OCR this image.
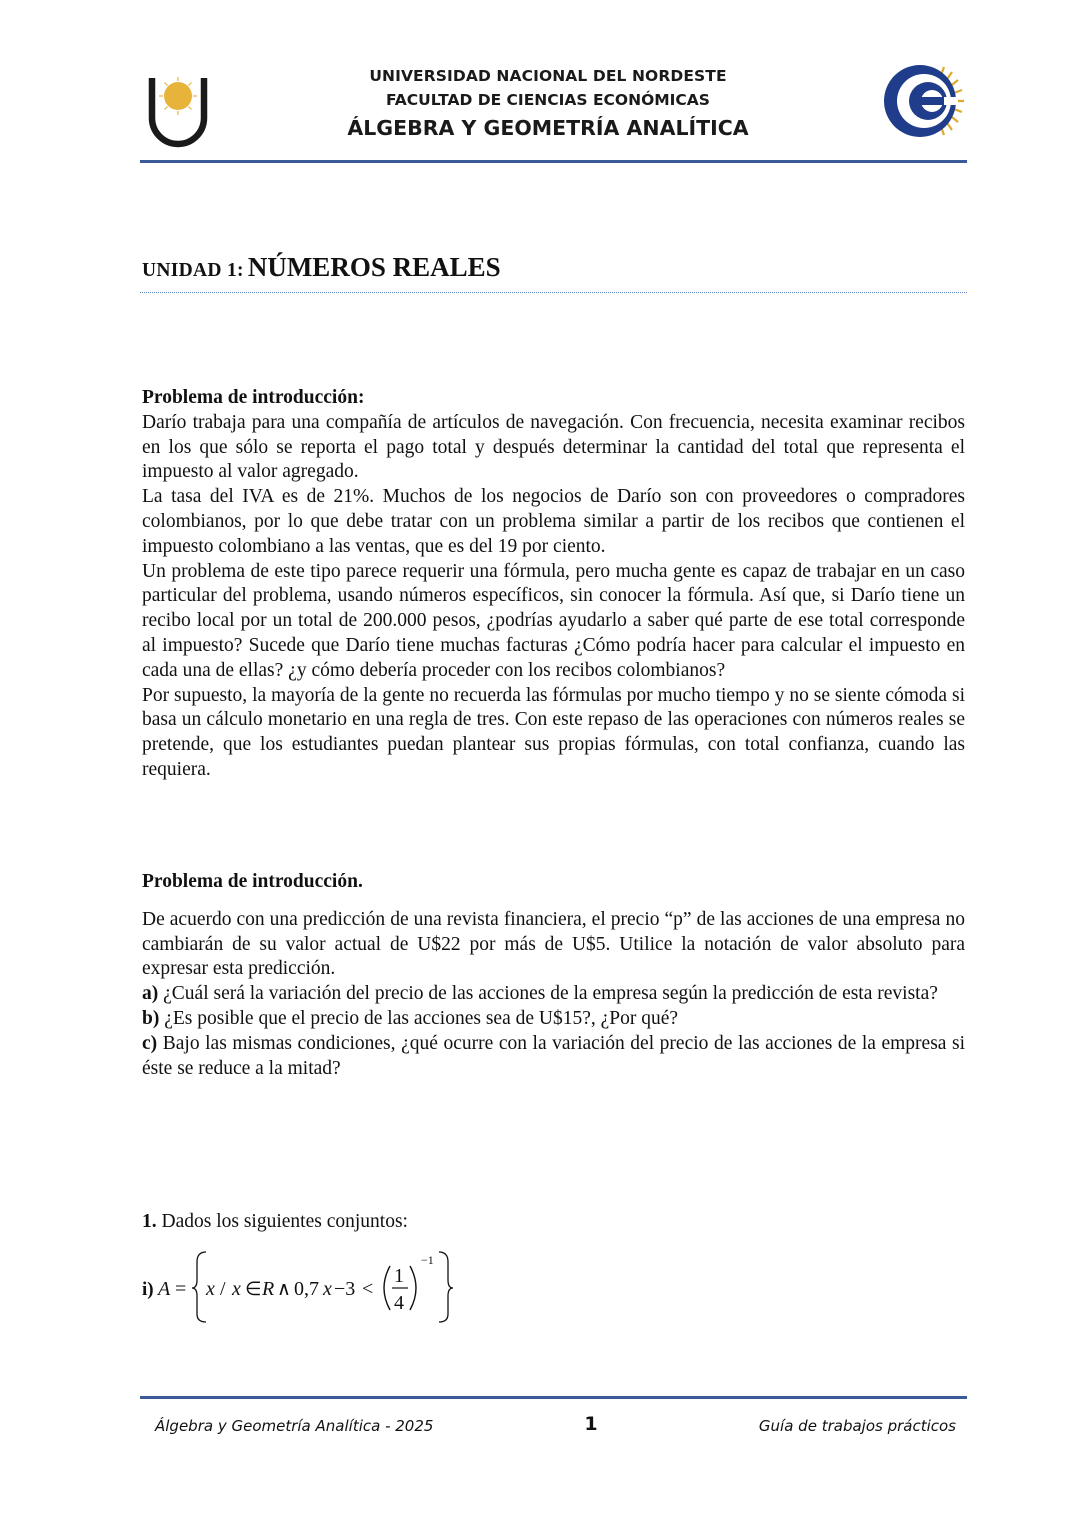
UNIVERSIDAD NACIONAL DEL NORDESTE
FACULTAD DE CIENCIAS ECONÓMICAS
ÁLGEBRA Y GEOMETRÍA ANALÍTICA
UNIDAD 1: NÚMEROS REALES

Problema de introducción:

Darío trabaja para una compañía de artículos de navegación. Con frecuencia, necesita examinar recibos en los que sólo se reporta el pago total y después determinar la cantidad del total que representa el impuesto al valor agregado.

La tasa del IVA es de 21%. Muchos de los negocios de Darío son con proveedores o compradores colombianos, por lo que debe tratar con un problema similar a partir de los recibos que contienen el impuesto colombiano a las ventas, que es del 19 por ciento.

Un problema de este tipo parece requerir una fórmula, pero mucha gente es capaz de trabajar en un caso particular del problema, usando números específicos, sin conocer la fórmula. Así que, si Darío tiene un recibo local por un total de 200.000 pesos, ¿podrías ayudarlo a saber qué parte de ese total corresponde al impuesto? Sucede que Darío tiene muchas facturas ¿Cómo podría hacer para calcular el impuesto en cada una de ellas? ¿y cómo debería proceder con los recibos colombianos?

Por supuesto, la mayoría de la gente no recuerda las fórmulas por mucho tiempo y no se siente cómoda si basa un cálculo monetario en una regla de tres. Con este repaso de las operaciones con números reales se pretende, que los estudiantes puedan plantear sus propias fórmulas, con total confianza, cuando las requiera.

Problema de introducción.

De acuerdo con una predicción de una revista financiera, el precio “p” de las acciones de una empresa no cambiarán de su valor actual de U$22 por más de U$5. Utilice la notación de valor absoluto para expresar esta predicción.

a) ¿Cuál será la variación del precio de las acciones de la empresa según la predicción de esta revista?

b) ¿Es posible que el precio de las acciones sea de U$15?, ¿Por qué?

c) Bajo las mismas condiciones, ¿qué ocurre con la variación del precio de las acciones de la empresa si éste se reduce a la mitad?

1. Dados los siguientes conjuntos:

i) A = x / x ∈ R ∧ 0,7 x −3 <
1
4
−1
Álgebra y Geometría Analítica - 2025	1	Guía de trabajos prácticos
